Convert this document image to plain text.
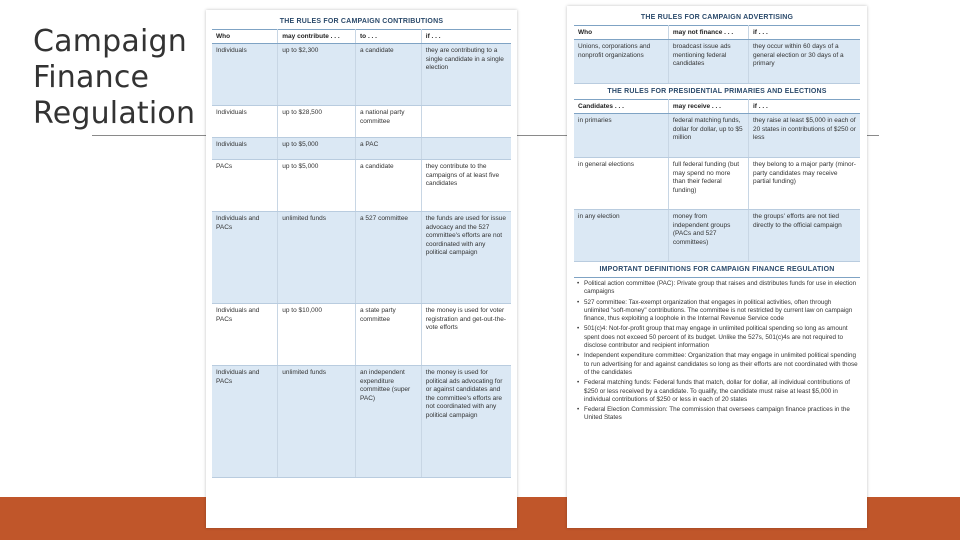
Campaign
Finance
Regulation
THE RULES FOR CAMPAIGN CONTRIBUTIONS
Who	may contribute . . .	to . . .	if . . .
Individuals	up to $2,300	a candidate	they are contributing to a single candidate in a single election
Individuals	up to $28,500	a national party committee	
Individuals	up to $5,000	a PAC	
PACs	up to $5,000	a candidate	they contribute to the campaigns of at least five candidates
Individuals and PACs	unlimited funds	a 527 committee	the funds are used for issue advocacy and the 527 committee's efforts are not coordinated with any political campaign
Individuals and PACs	up to $10,000	a state party committee	the money is used for voter registration and get-out-the-vote efforts
Individuals and PACs	unlimited funds	an independent expenditure committee (super PAC)	the money is used for political ads advocating for or against candidates and the committee's efforts are not coordinated with any political campaign
THE RULES FOR CAMPAIGN ADVERTISING
Who	may not finance . . .	if . . .
Unions, corporations and nonprofit organizations	broadcast issue ads mentioning federal candidates	they occur within 60 days of a general election or 30 days of a primary
THE RULES FOR PRESIDENTIAL PRIMARIES AND ELECTIONS
Candidates . . .	may receive . . .	if . . .
in primaries	federal matching funds, dollar for dollar, up to $5 million	they raise at least $5,000 in each of 20 states in contributions of $250 or less
in general elections	full federal funding (but may spend no more than their federal funding)	they belong to a major party (minor-party candidates may receive partial funding)
in any election	money from independent groups (PACs and 527 committees)	the groups' efforts are not tied directly to the official campaign
IMPORTANT DEFINITIONS FOR CAMPAIGN FINANCE REGULATION
• Political action committee (PAC): Private group that raises and distributes funds for use in election campaigns
• 527 committee: Tax-exempt organization that engages in political activities, often through unlimited "soft-money" contributions. The committee is not restricted by current law on campaign finance, thus exploiting a loophole in the Internal Revenue Service code
• 501(c)4: Not-for-profit group that may engage in unlimited political spending so long as amount spent does not exceed 50 percent of its budget. Unlike the 527s, 501(c)4s are not required to disclose contributor and recipient information
• Independent expenditure committee: Organization that may engage in unlimited political spending to run advertising for and against candidates so long as their efforts are not coordinated with those of the candidates
• Federal matching funds: Federal funds that match, dollar for dollar, all individual contributions of $250 or less received by a candidate. To qualify, the candidate must raise at least $5,000 in individual contributions of $250 or less in each of 20 states
• Federal Election Commission: The commission that oversees campaign finance practices in the United States
